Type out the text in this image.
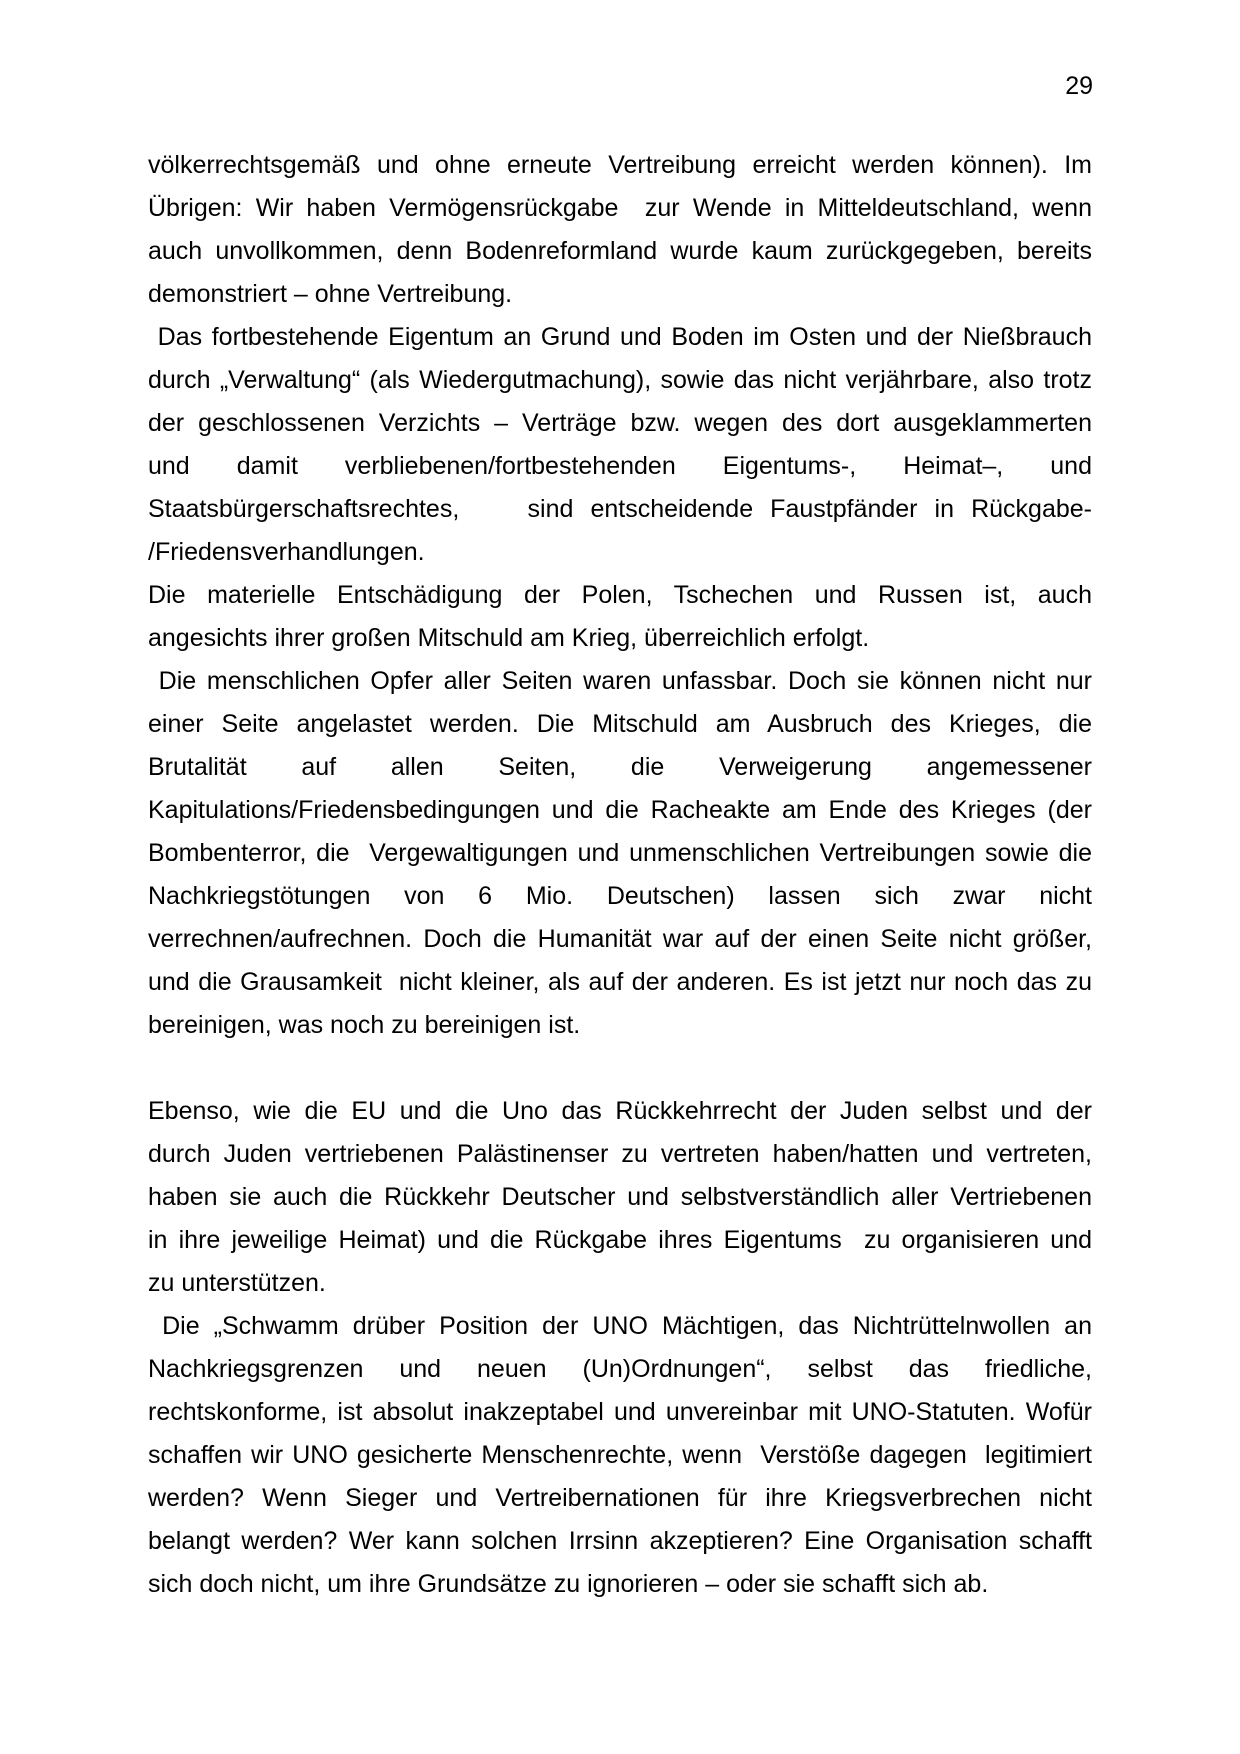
29

völkerrechtsgemäß und ohne erneute Vertreibung erreicht werden können). Im
Übrigen: Wir haben Vermögensrückgabe  zur Wende in Mitteldeutschland, wenn
auch unvollkommen, denn Bodenreformland wurde kaum zurückgegeben, bereits
demonstriert – ohne Vertreibung.

Das fortbestehende Eigentum an Grund und Boden im Osten und der Nießbrauch
durch „Verwaltung“ (als Wiedergutmachung), sowie das nicht verjährbare, also trotz
der geschlossenen Verzichts – Verträge bzw. wegen des dort ausgeklammerten
und damit verbliebenen/fortbestehenden Eigentums-, Heimat–, und
Staatsbürgerschaftsrechtes,    sind entscheidende Faustpfänder in Rückgabe-
/Friedensverhandlungen.

Die materielle Entschädigung der Polen, Tschechen und Russen ist, auch
angesichts ihrer großen Mitschuld am Krieg, überreichlich erfolgt.

Die menschlichen Opfer aller Seiten waren unfassbar. Doch sie können nicht nur
einer Seite angelastet werden. Die Mitschuld am Ausbruch des Krieges, die
Brutalität auf allen Seiten, die Verweigerung angemessener
Kapitulations/Friedensbedingungen und die Racheakte am Ende des Krieges (der
Bombenterror, die  Vergewaltigungen und unmenschlichen Vertreibungen sowie die
Nachkriegstötungen von 6 Mio. Deutschen) lassen sich zwar nicht
verrechnen/aufrechnen. Doch die Humanität war auf der einen Seite nicht größer,
und die Grausamkeit  nicht kleiner, als auf der anderen. Es ist jetzt nur noch das zu
bereinigen, was noch zu bereinigen ist.

Ebenso, wie die EU und die Uno das Rückkehrrecht der Juden selbst und der
durch Juden vertriebenen Palästinenser zu vertreten haben/hatten und vertreten,
haben sie auch die Rückkehr Deutscher und selbstverständlich aller Vertriebenen
in ihre jeweilige Heimat) und die Rückgabe ihres Eigentums  zu organisieren und
zu unterstützen.

Die „Schwamm drüber Position der UNO Mächtigen, das Nichtrüttelnwollen an
Nachkriegsgrenzen und neuen (Un)Ordnungen“, selbst das friedliche,
rechtskonforme, ist absolut inakzeptabel und unvereinbar mit UNO-Statuten. Wofür
schaffen wir UNO gesicherte Menschenrechte, wenn  Verstöße dagegen  legitimiert
werden? Wenn Sieger und Vertreibernationen für ihre Kriegsverbrechen nicht
belangt werden? Wer kann solchen Irrsinn akzeptieren? Eine Organisation schafft
sich doch nicht, um ihre Grundsätze zu ignorieren – oder sie schafft sich ab.
